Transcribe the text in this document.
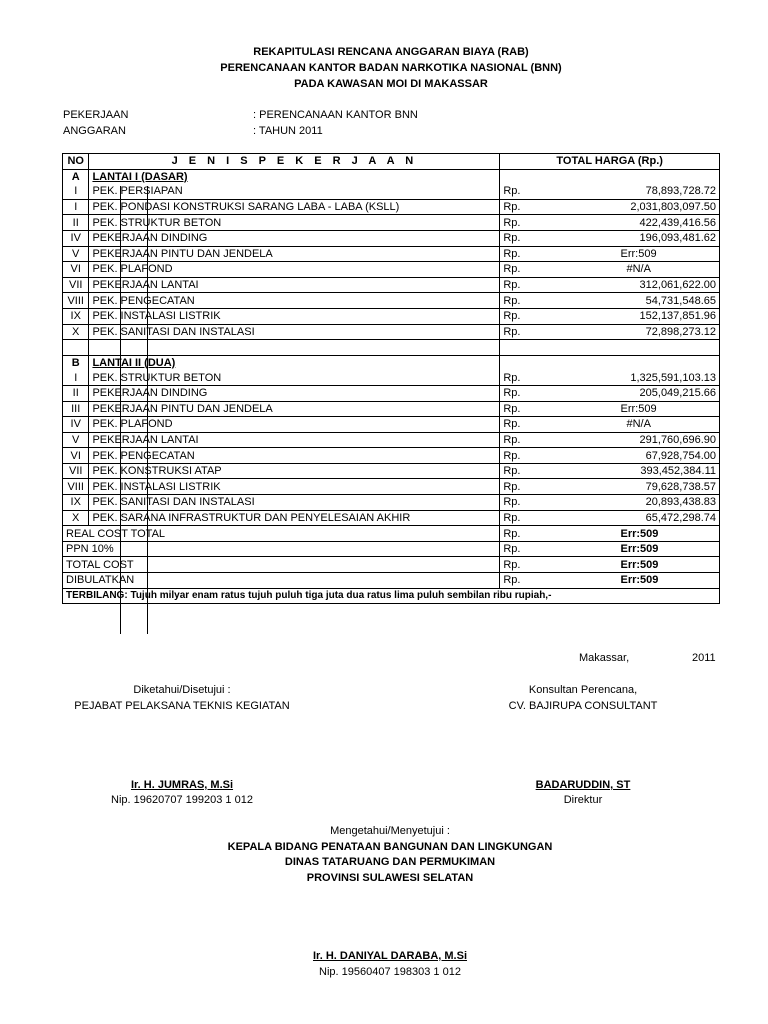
REKAPITULASI RENCANA ANGGARAN BIAYA (RAB)
PERENCANAAN KANTOR BADAN NARKOTIKA NASIONAL (BNN)
PADA KAWASAN MOI DI MAKASSAR
PEKERJAAN	: PERENCANAAN KANTOR BNN
ANGGARAN	: TAHUN 2011
NO	J E N I S P E K E R J A A N	TOTAL HARGA (Rp.)	
A	LANTAI I (DASAR)		
I	PEK. PERSIAPAN	Rp.	78,893,728.72
I	PEK. PONDASI KONSTRUKSI SARANG LABA - LABA (KSLL)	Rp.	2,031,803,097.50
II	PEK. STRUKTUR BETON	Rp.	422,439,416.56
IV	PEKERJAAN DINDING	Rp.	196,093,481.62
V	PEKERJAAN PINTU DAN JENDELA	Rp.	Err:509
VI	PEK. PLAFOND	Rp.	#N/A
VII	PEKERJAAN LANTAI	Rp.	312,061,622.00
VIII	PEK. PENGECATAN	Rp.	54,731,548.65
IX	PEK. INSTALASI LISTRIK	Rp.	152,137,851.96
X	PEK. SANITASI DAN INSTALASI	Rp.	72,898,273.12

B	LANTAI II (DUA)		
I	PEK. STRUKTUR BETON	Rp.	1,325,591,103.13
II	PEKERJAAN DINDING	Rp.	205,049,215.66
III	PEKERJAAN PINTU DAN JENDELA	Rp.	Err:509
IV	PEK. PLAFOND	Rp.	#N/A
V	PEKERJAAN LANTAI	Rp.	291,760,696.90
VI	PEK. PENGECATAN	Rp.	67,928,754.00
VII	PEK. KONSTRUKSI ATAP	Rp.	393,452,384.11
VIII	PEK. INSTALASI LISTRIK	Rp.	79,628,738.57
IX	PEK. SANITASI DAN INSTALASI	Rp.	20,893,438.83
X	PEK. SARANA INFRASTRUKTUR DAN PENYELESAIAN AKHIR	Rp.	65,472,298.74
REAL COST TOTAL		Rp.	Err:509
PPN 10%		Rp.	Err:509
TOTAL COST		Rp.	Err:509
DIBULATKAN		Rp.	Err:509
TERBILANG: Tujuh milyar enam ratus tujuh puluh tiga juta dua ratus lima puluh sembilan ribu rupiah,-			
Makassar,	2011
Diketahui/Disetujui :
PEJABAT PELAKSANA TEKNIS KEGIATAN
Ir. H. JUMRAS, M.Si
Nip. 19620707 199203 1 012
Konsultan Perencana,
CV. BAJIRUPA CONSULTANT
BADARUDDIN, ST
Direktur
Mengetahui/Menyetujui :
KEPALA BIDANG PENATAAN BANGUNAN DAN LINGKUNGAN
DINAS TATARUANG DAN PERMUKIMAN
PROVINSI SULAWESI SELATAN
Ir. H. DANIYAL DARABA, M.Si
Nip. 19560407 198303 1 012
